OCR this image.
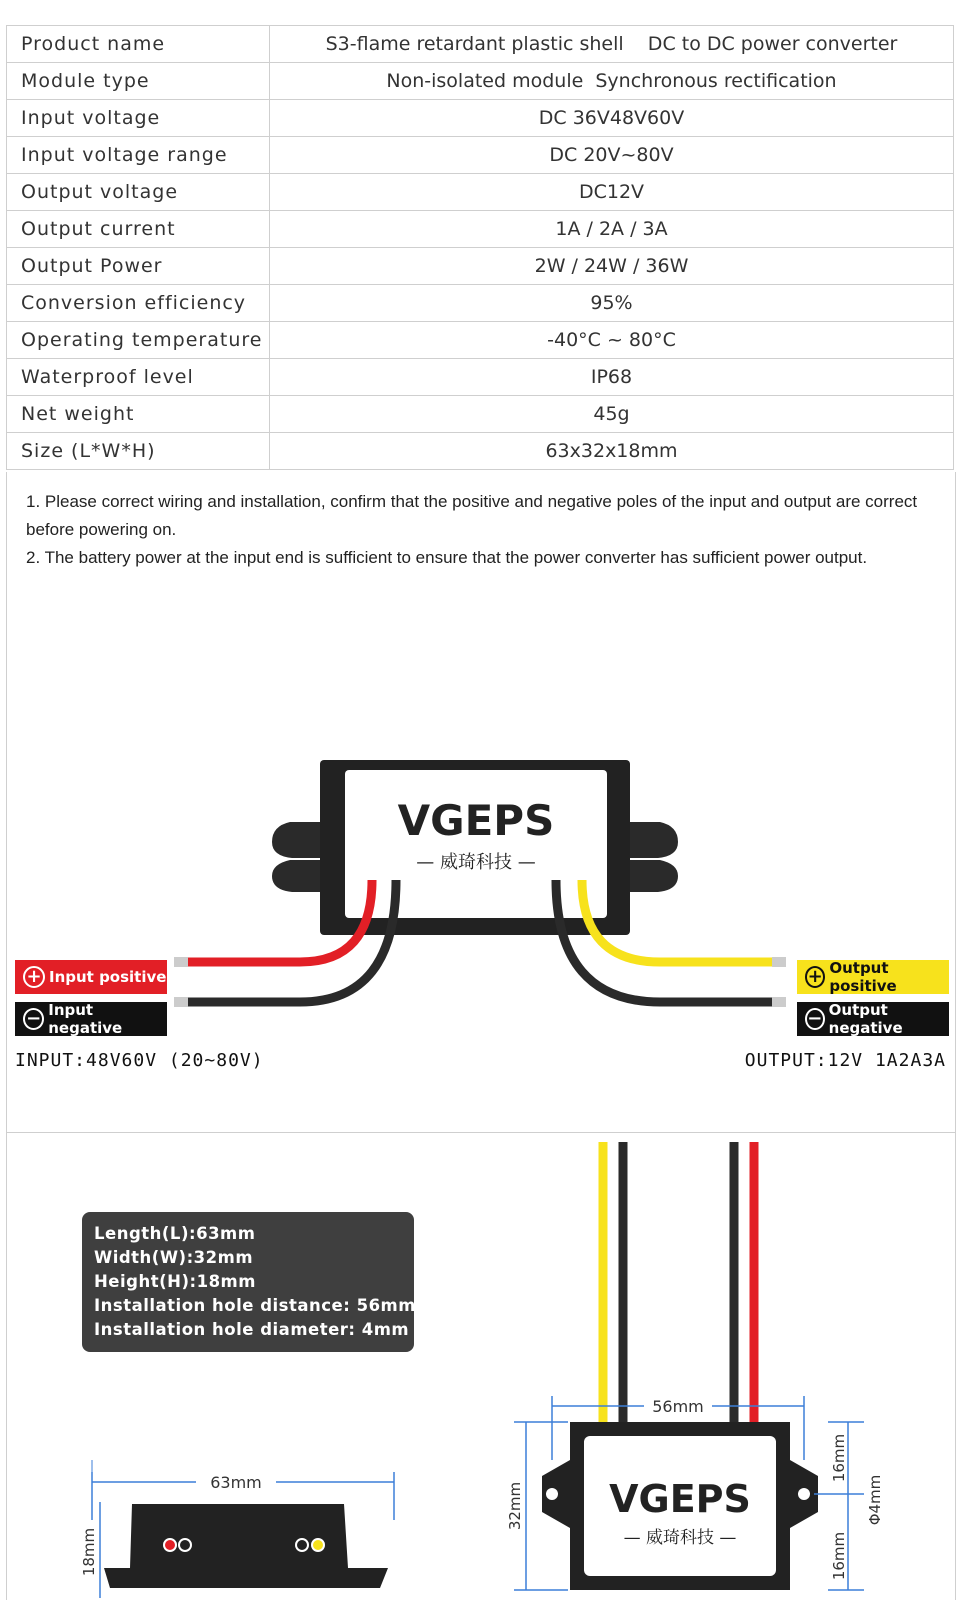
Product name	S3-flame retardant plastic shell    DC to DC power converter
Module type	Non-isolated module  Synchronous rectification
Input voltage	DC 36V48V60V
Input voltage range	DC 20V~80V
Output voltage	DC12V
Output current	1A / 2A / 3A
Output Power	2W / 24W / 36W
Conversion efficiency	95%
Operating temperature	-40°C ~ 80°C
Waterproof level	IP68
Net weight	45g
Size (L*W*H)	63x32x18mm

1. Please correct wiring and installation, confirm that the positive and negative poles of the input and output are correct before powering on.

2. The battery power at the input end is sufficient to ensure that the power converter has sufficient power output.

VGEPS
— 威琦科技 —
+ Input positive
− Input negative
+ Output positive
− Output negative
INPUT:48V60V (20~80V)	OUTPUT:12V 1A2A3A
Length(L):63mm
Width(W):32mm
Height(H):18mm
Installation hole distance: 56mm
Installation hole diameter: 4mm
63mm
18mm
56mm
VGEPS
— 威琦科技 —
32mm
16mm
16mm
Φ4mm
